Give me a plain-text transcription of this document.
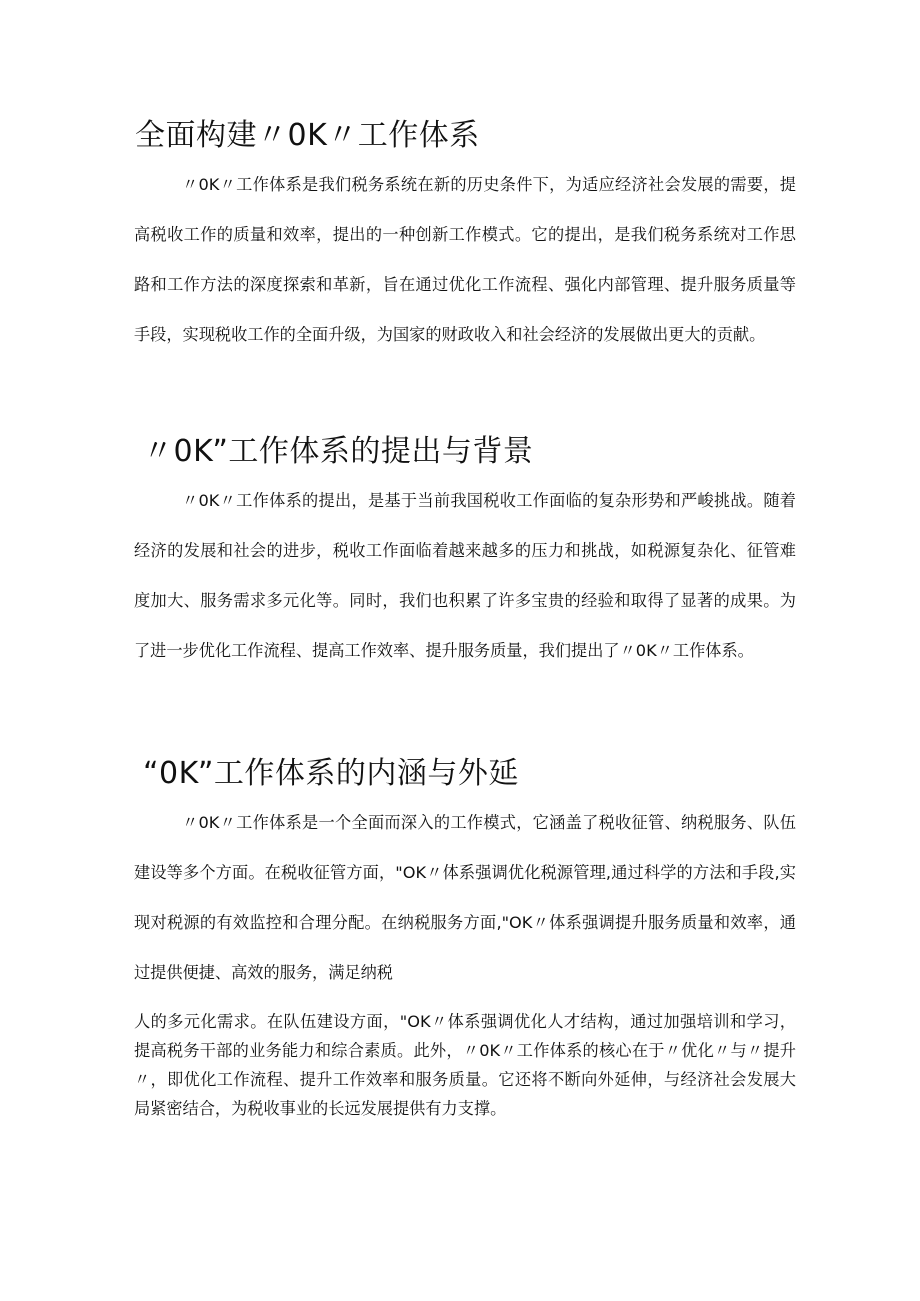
全面构建〃0K〃工作体系

〃0K〃工作体系是我们税务系统在新的历史条件下，为适应经济社会发展的需要，提高税收工作的质量和效率，提出的一种创新工作模式。它的提出，是我们税务系统对工作思路和工作方法的深度探索和革新，旨在通过优化工作流程、强化内部管理、提升服务质量等手段，实现税收工作的全面升级，为国家的财政收入和社会经济的发展做出更大的贡献。

〃0K”工作体系的提出与背景

〃0K〃工作体系的提出，是基于当前我国税收工作面临的复杂形势和严峻挑战。随着经济的发展和社会的进步，税收工作面临着越来越多的压力和挑战，如税源复杂化、征管难度加大、服务需求多元化等。同时，我们也积累了许多宝贵的经验和取得了显著的成果。为了进一步优化工作流程、提高工作效率、提升服务质量，我们提出了〃0K〃工作体系。

“0K”工作体系的内涵与外延

〃0K〃工作体系是一个全面而深入的工作模式，它涵盖了税收征管、纳税服务、队伍建设等多个方面。在税收征管方面，"OK〃体系强调优化税源管理,通过科学的方法和手段,实现对税源的有效监控和合理分配。在纳税服务方面,"OK〃体系强调提升服务质量和效率，通过提供便捷、高效的服务，满足纳税

人的多元化需求。在队伍建设方面，"OK〃体系强调优化人才结构，通过加强培训和学习，提高税务干部的业务能力和综合素质。此外，〃0K〃工作体系的核心在于〃优化〃与〃提升〃，即优化工作流程、提升工作效率和服务质量。它还将不断向外延伸，与经济社会发展大局紧密结合，为税收事业的长远发展提供有力支撑。
